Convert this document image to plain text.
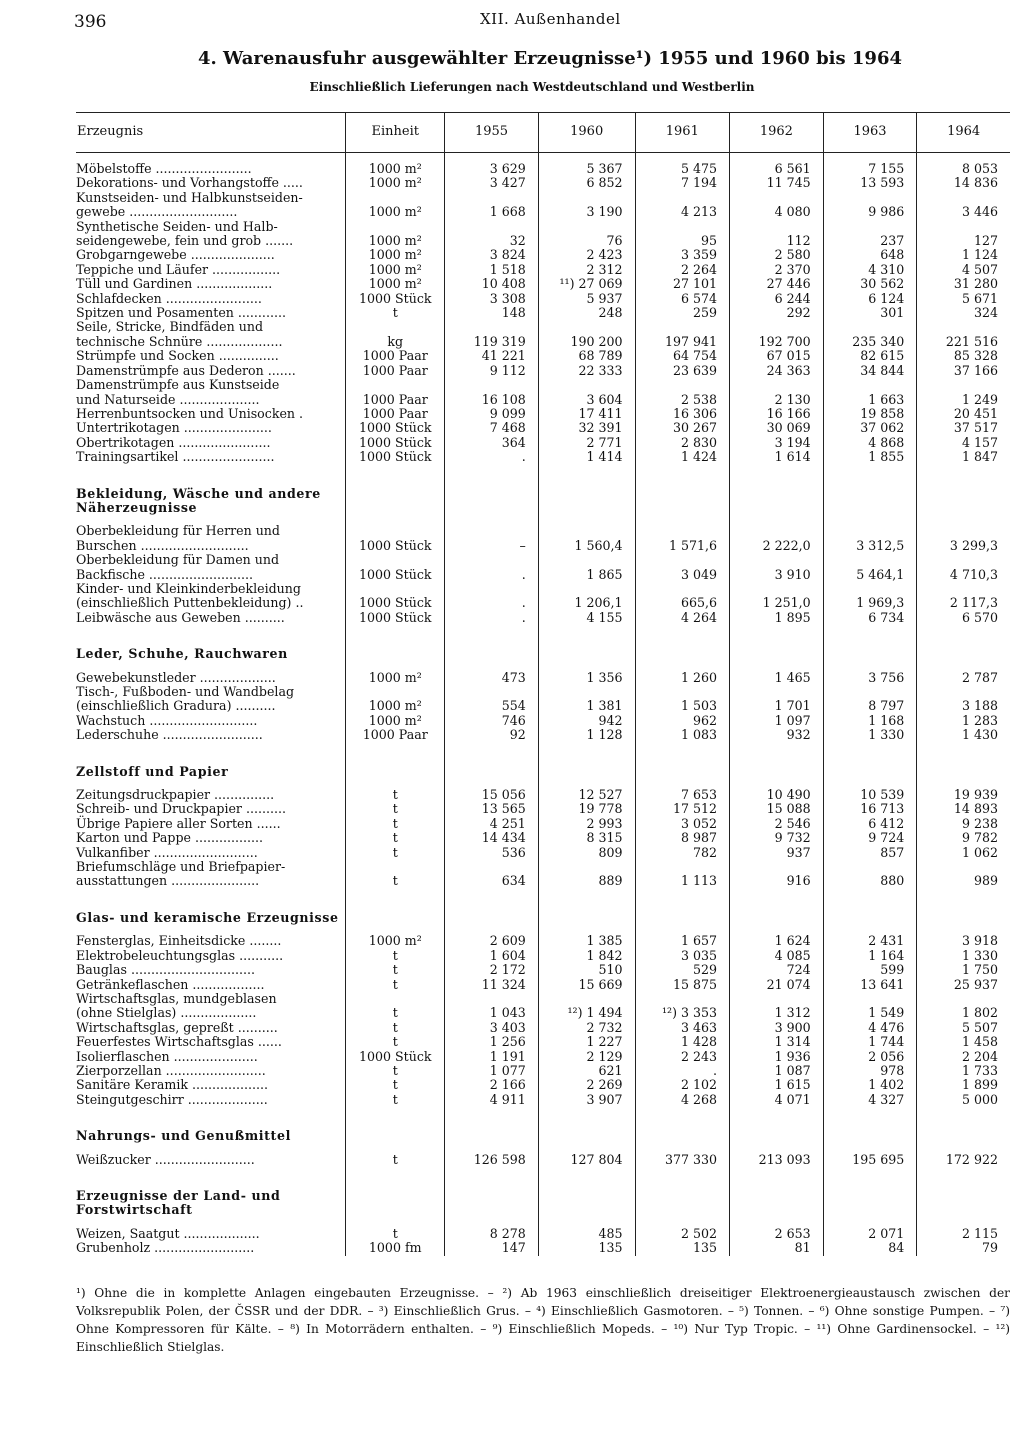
396	XII. Außenhandel
4. Warenausfuhr ausgewählter Erzeugnisse¹) 1955 und 1960 bis 1964
Einschließlich Lieferungen nach Westdeutschland und Westberlin
Erzeugnis	Einheit	1955	1960	1961	1962	1963	1964

Möbelstoffe ........................	1000 m²	3 629	5 367	5 475	6 561	7 155	8 053
Dekorations- und Vorhangstoffe .....	1000 m²	3 427	6 852	7 194	11 745	13 593	14 836
Kunstseiden- und Halbkunstseiden-							
gewebe ...........................	1000 m²	1 668	3 190	4 213	4 080	9 986	3 446
Synthetische Seiden- und Halb-							
seidengewebe, fein und grob .......	1000 m²	32	76	95	112	237	127
Grobgarngewebe .....................	1000 m²	3 824	2 423	3 359	2 580	648	1 124
Teppiche und Läufer .................	1000 m²	1 518	2 312	2 264	2 370	4 310	4 507
Tüll und Gardinen ...................	1000 m²	10 408	¹¹) 27 069	27 101	27 446	30 562	31 280
Schlafdecken ........................	1000 Stück	3 308	5 937	6 574	6 244	6 124	5 671
Spitzen und Posamenten ............	t	148	248	259	292	301	324
Seile, Stricke, Bindfäden und							
technische Schnüre ...................	kg	119 319	190 200	197 941	192 700	235 340	221 516
Strümpfe und Socken ...............	1000 Paar	41 221	68 789	64 754	67 015	82 615	85 328
Damenstrümpfe aus Dederon .......	1000 Paar	9 112	22 333	23 639	24 363	34 844	37 166
Damenstrümpfe aus Kunstseide							
und Naturseide ....................	1000 Paar	16 108	3 604	2 538	2 130	1 663	1 249
Herrenbuntsocken und Unisocken .	1000 Paar	9 099	17 411	16 306	16 166	19 858	20 451
Untertrikotagen ......................	1000 Stück	7 468	32 391	30 267	30 069	37 062	37 517
Obertrikotagen .......................	1000 Stück	364	2 771	2 830	3 194	4 868	4 157
Trainingsartikel .......................	1000 Stück	.	1 414	1 424	1 614	1 855	1 847

Bekleidung, Wäsche und andere							
Näherzeugnisse							

Oberbekleidung für Herren und							
Burschen ...........................	1000 Stück	–	1 560,4	1 571,6	2 222,0	3 312,5	3 299,3
Oberbekleidung für Damen und							
Backfische ..........................	1000 Stück	.	1 865	3 049	3 910	5 464,1	4 710,3
Kinder- und Kleinkinderbekleidung							
(einschließlich Puttenbekleidung) ..	1000 Stück	.	1 206,1	665,6	1 251,0	1 969,3	2 117,3
Leibwäsche aus Geweben ..........	1000 Stück	.	4 155	4 264	1 895	6 734	6 570

Leder, Schuhe, Rauchwaren							

Gewebekunstleder ...................	1000 m²	473	1 356	1 260	1 465	3 756	2 787
Tisch-, Fußboden- und Wandbelag							
(einschließlich Gradura) ..........	1000 m²	554	1 381	1 503	1 701	8 797	3 188
Wachstuch ...........................	1000 m²	746	942	962	1 097	1 168	1 283
Lederschuhe .........................	1000 Paar	92	1 128	1 083	932	1 330	1 430

Zellstoff und Papier							

Zeitungsdruckpapier ...............	t	15 056	12 527	7 653	10 490	10 539	19 939
Schreib- und Druckpapier ..........	t	13 565	19 778	17 512	15 088	16 713	14 893
Übrige Papiere aller Sorten ......	t	4 251	2 993	3 052	2 546	6 412	9 238
Karton und Pappe .................	t	14 434	8 315	8 987	9 732	9 724	9 782
Vulkanfiber ..........................	t	536	809	782	937	857	1 062
Briefumschläge und Briefpapier-							
ausstattungen ......................	t	634	889	1 113	916	880	989

Glas- und keramische Erzeugnisse							

Fensterglas, Einheitsdicke ........	1000 m²	2 609	1 385	1 657	1 624	2 431	3 918
Elektrobeleuchtungsglas ...........	t	1 604	1 842	3 035	4 085	1 164	1 330
Bauglas ...............................	t	2 172	510	529	724	599	1 750
Getränkeflaschen ..................	t	11 324	15 669	15 875	21 074	13 641	25 937
Wirtschaftsglas, mundgeblasen							
(ohne Stielglas) ...................	t	1 043	¹²) 1 494	¹²) 3 353	1 312	1 549	1 802
Wirtschaftsglas, gepreßt ..........	t	3 403	2 732	3 463	3 900	4 476	5 507
Feuerfestes Wirtschaftsglas ......	t	1 256	1 227	1 428	1 314	1 744	1 458
Isolierflaschen .....................	1000 Stück	1 191	2 129	2 243	1 936	2 056	2 204
Zierporzellan .........................	t	1 077	621	.	1 087	978	1 733
Sanitäre Keramik ...................	t	2 166	2 269	2 102	1 615	1 402	1 899
Steingutgeschirr ....................	t	4 911	3 907	4 268	4 071	4 327	5 000

Nahrungs- und Genußmittel							

Weißzucker .........................	t	126 598	127 804	377 330	213 093	195 695	172 922

Erzeugnisse der Land- und							
Forstwirtschaft							

Weizen, Saatgut ...................	t	8 278	485	2 502	2 653	2 071	2 115
Grubenholz .........................	1000 fm	147	135	135	81	84	79
¹) Ohne die in komplette Anlagen eingebauten Erzeugnisse. – ²) Ab 1963 einschließlich dreiseitiger Elektroenergieaustausch zwischen der Volksrepublik Polen, der ČSSR und der DDR. – ³) Einschließlich Grus. – ⁴) Einschließlich Gasmotoren. – ⁵) Tonnen. – ⁶) Ohne sonstige Pumpen. – ⁷) Ohne Kompressoren für Kälte. – ⁸) In Motorrädern enthalten. – ⁹) Einschließlich Mopeds. – ¹⁰) Nur Typ Tropic. – ¹¹) Ohne Gardinensockel. – ¹²) Einschließlich Stielglas.
